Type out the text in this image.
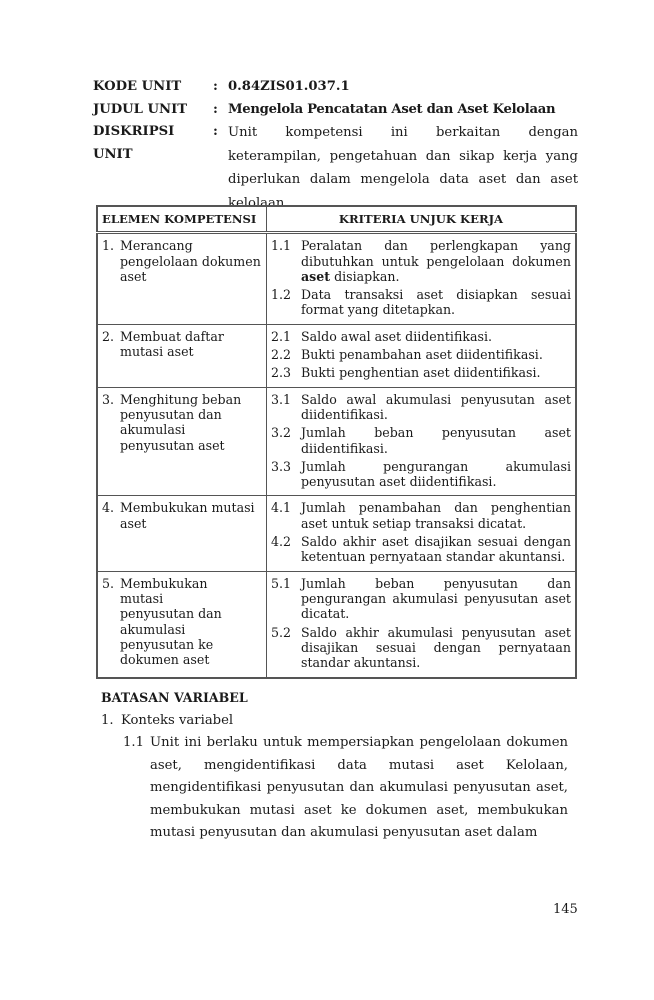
KODE UNIT	: 0.84ZIS01.037.1
JUDUL UNIT	: Mengelola Pencatatan Aset dan Aset Kelolaan
DISKRIPSI UNIT
: Unit kompetensi ini berkaitan dengan keterampilan, pengetahuan dan sikap kerja yang diperlukan dalam mengelola data aset dan aset kelolaan.
ELEMEN KOMPETENSI	KRITERIA UNJUK KERJA

1. Merancang pengelolaan dokumen aset

1.1 Peralatan dan perlengkapan yang dibutuhkan untuk pengelolaan dokumen aset disiapkan.
1.2 Data transaksi aset disiapkan sesuai format yang ditetapkan.

2. Membuat daftar mutasi aset

2.1 Saldo awal aset diidentifikasi.
2.2 Bukti penambahan aset diidentifikasi.
2.3 Bukti penghentian aset diidentifikasi.

3. Menghitung beban penyusutan dan akumulasi penyusutan aset

3.1 Saldo awal akumulasi penyusutan aset diidentifikasi.
3.2 Jumlah beban penyusutan aset diidentifikasi.
3.3 Jumlah pengurangan akumulasi penyusutan aset diidentifikasi.

4. Membukukan mutasi aset

4.1 Jumlah penambahan dan penghentian aset untuk setiap transaksi dicatat.
4.2 Saldo akhir aset disajikan sesuai dengan ketentuan pernyataan standar akuntansi.

5. Membukukan mutasi penyusutan dan akumulasi penyusutan ke dokumen aset

5.1 Jumlah beban penyusutan dan pengurangan akumulasi penyusutan aset dicatat.
5.2 Saldo akhir akumulasi penyusutan aset disajikan sesuai dengan pernyataan standar akuntansi.
BATASAN VARIABEL
1. Konteks variabel
1.1 Unit ini berlaku untuk mempersiapkan pengelolaan dokumen aset, mengidentifikasi data mutasi aset Kelolaan, mengidentifikasi penyusutan dan akumulasi penyusutan aset, membukukan mutasi aset ke dokumen aset, membukukan mutasi penyusutan dan akumulasi penyusutan aset dalam
145
